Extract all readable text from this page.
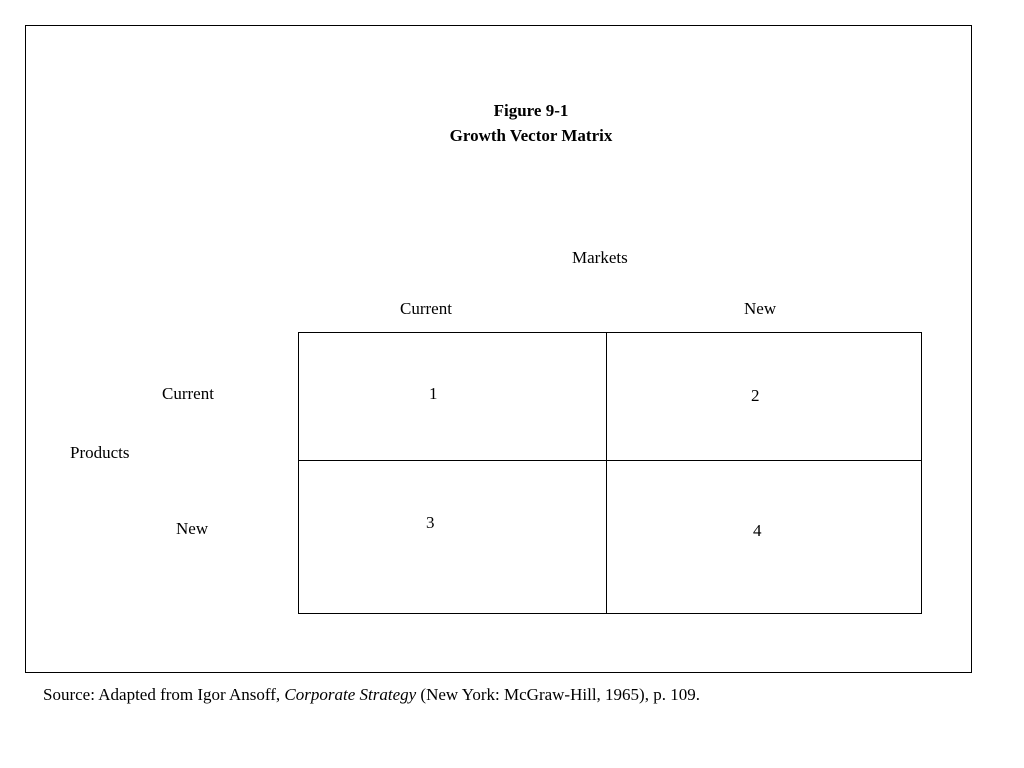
Figure 9-1
Growth Vector Matrix
Markets
Current	New
Current
Products
New
1	2
3	4
Source: Adapted from Igor Ansoff, Corporate Strategy (New York: McGraw-Hill, 1965), p. 109.
